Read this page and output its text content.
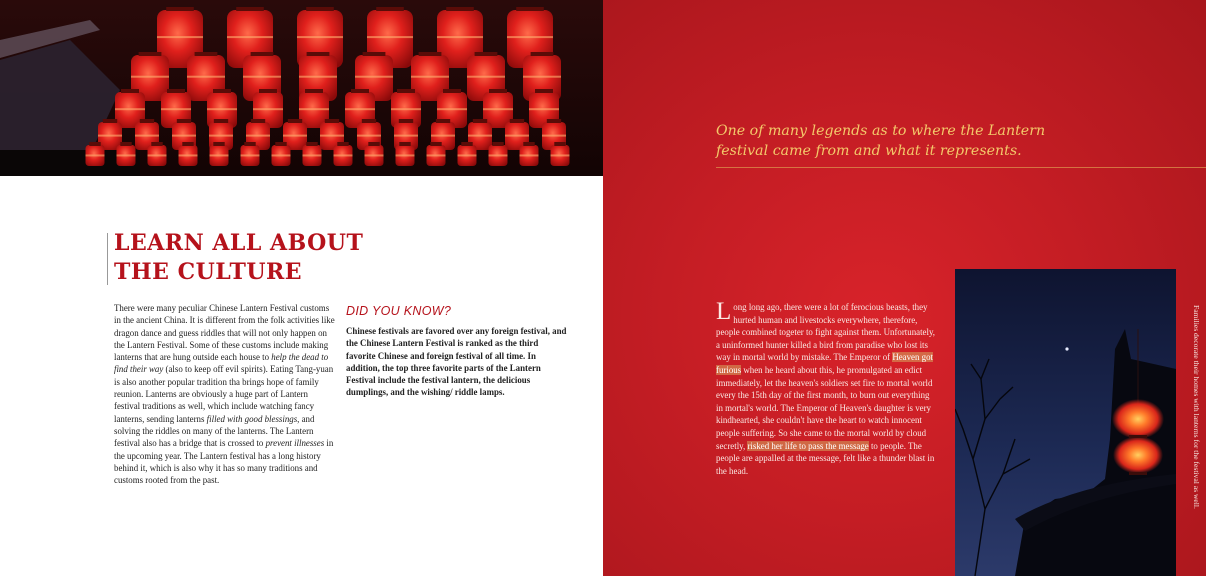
LEARN ALL ABOUT
THE CULTURE
There were many peculiar Chinese Lantern Festival customs in the ancient China. It is different from the folk activities like dragon dance and guess riddles that will not only happen on the Lantern Festival. Some of these customs include making lanterns that are hung outside each house to help the dead to find their way (also to keep off evil spirits). Eating Tang-yuan is also another popular tradition tha brings hope of family reunion. Lanterns are obviously a huge part of Lantern festival traditions as well, which include watching fancy lanterns, sending lanterns filled with good blessings, and solving the riddles on many of the lanterns. The Lantern festival also has a bridge that is crossed to prevent illnesses in the upcoming year. The Lantern festival has a long history behind it, which is also why it has so many traditions and customs rooted from the past.
DID YOU KNOW?
Chinese festivals are favored over any foreign festival, and the Chinese Lantern Festival is ranked as the third favorite Chinese and foreign festival of all time. In addition, the top three favorite parts of the Lantern Festival include the festival lantern, the delicious dumplings, and the wishing/ riddle lamps.
One of many legends as to where the Lantern festival came from and what it represents.
Long long ago, there were a lot of ferocious beasts, they hurted human and livestocks everywhere, therefore, people combined togeter to fight against them. Unfortunately, a uninformed hunter killed a bird from paradise who lost its way in mortal world by mistake. The Emperor of Heaven got furious when he heard about this, he promulgated an edict immediately, let the heaven's soldiers set fire to mortal world every the 15th day of the first month, to burn out everything in mortal's world. The Emperor of Heaven's daughter is very kindhearted, she couldn't have the heart to watch innocent people suffering. So she came to the mortal world by cloud secretly, risked her life to pass the message to people. The people are appalled at the message, felt like a thunder blast in the head.	Families decorate their homes with lanterns for the festival as well.
